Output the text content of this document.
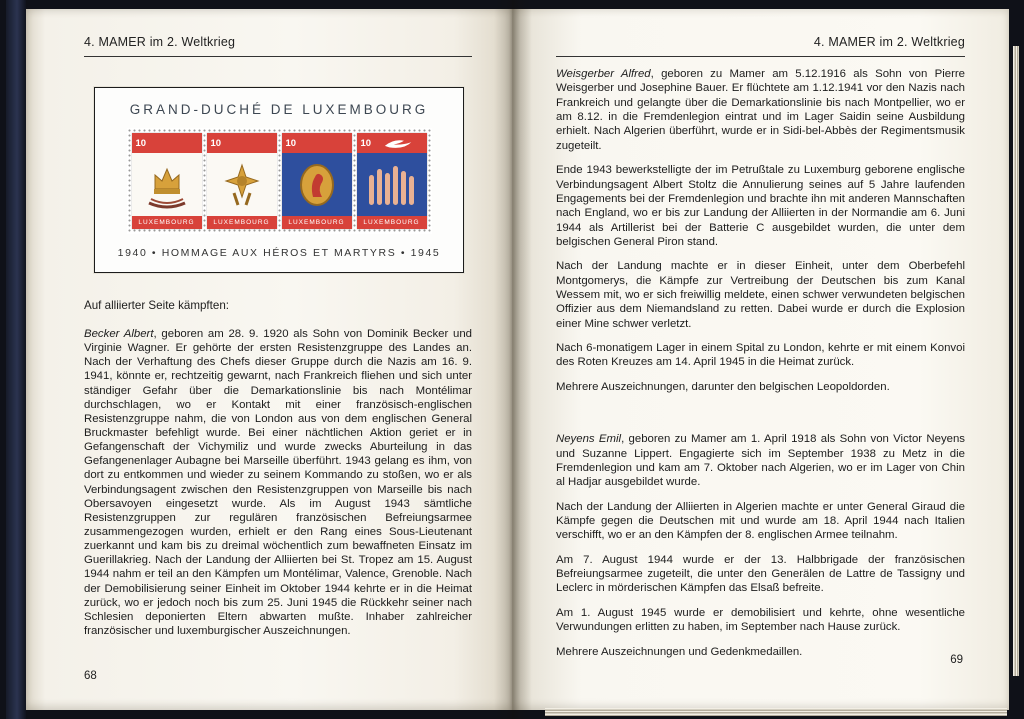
4. MAMER im 2. Weltkrieg
GRAND-DUCHÉ DE LUXEMBOURG
10
LUXEMBOURG
10
LUXEMBOURG
10
LUXEMBOURG
10
LUXEMBOURG
1940 • HOMMAGE AUX HÉROS ET MARTYRS • 1945

Auf alliierter Seite kämpften:

Becker Albert, geboren am 28. 9. 1920 als Sohn von Dominik Becker und Virginie Wagner. Er gehörte der ersten Resistenzgruppe des Landes an. Nach der Verhaftung des Chefs dieser Gruppe durch die Nazis am 16. 9. 1941, könnte er, rechtzeitig gewarnt, nach Frankreich fliehen und sich unter ständiger Gefahr über die Demarkationslinie bis nach Montélimar durchschlagen, wo er Kontakt mit einer französisch-englischen Resistenzgruppe nahm, die von London aus von dem englischen General Bruckmaster befehligt wurde. Bei einer nächtlichen Aktion geriet er in Gefangenschaft der Vichymiliz und wurde zwecks Aburteilung in das Gefangenenlager Aubagne bei Marseille überführt. 1943 gelang es ihm, von dort zu entkommen und wieder zu seinem Kommando zu stoßen, wo er als Verbindungsagent zwischen den Resistenzgruppen von Marseille bis nach Obersavoyen eingesetzt wurde. Als im August 1943 sämtliche Resistenzgruppen zur regulären französischen Befreiungsarmee zusammengezogen wurden, erhielt er den Rang eines Sous-Lieutenant zuerkannt und kam bis zu dreimal wöchentlich zum bewaffneten Einsatz im Guerillakrieg. Nach der Landung der Alliierten bei St. Tropez am 15. August 1944 nahm er teil an den Kämpfen um Montélimar, Valence, Grenoble. Nach der Demobilisierung seiner Einheit im Oktober 1944 kehrte er in die Heimat zurück, wo er jedoch noch bis zum 25. Juni 1945 die Rückkehr seiner nach Schlesien deponierten Eltern abwarten mußte. Inhaber zahlreicher französischer und luxemburgischer Auszeichnungen.

68
4. MAMER im 2. Weltkrieg

Weisgerber Alfred, geboren zu Mamer am 5.12.1916 als Sohn von Pierre Weisgerber und Josephine Bauer. Er flüchtete am 1.12.1941 vor den Nazis nach Frankreich und gelangte über die Demarkationslinie bis nach Montpellier, wo er am 8.12. in die Fremdenlegion eintrat und im Lager Saidin seine Ausbildung erhielt. Nach Algerien überführt, wurde er in Sidi-bel-Abbès der Regimentsmusik zugeteilt.

Ende 1943 bewerkstelligte der im Petrußtale zu Luxemburg geborene englische Verbindungsagent Albert Stoltz die Annulierung seines auf 5 Jahre laufenden Engagements bei der Fremdenlegion und brachte ihn mit anderen Mannschaften nach England, wo er bis zur Landung der Alliierten in der Normandie am 6. Juni 1944 als Artillerist bei der Batterie C ausgebildet wurden, die unter dem belgischen General Piron stand.

Nach der Landung machte er in dieser Einheit, unter dem Oberbefehl Montgomerys, die Kämpfe zur Vertreibung der Deutschen bis zum Kanal Wessem mit, wo er sich freiwillig meldete, einen schwer verwundeten belgischen Offizier aus dem Niemandsland zu retten. Dabei wurde er durch die Explosion einer Mine schwer verletzt.

Nach 6-monatigem Lager in einem Spital zu London, kehrte er mit einem Konvoi des Roten Kreuzes am 14. April 1945 in die Heimat zurück.

Mehrere Auszeichnungen, darunter den belgischen Leopoldorden.

Neyens Emil, geboren zu Mamer am 1. April 1918 als Sohn von Victor Neyens und Suzanne Lippert. Engagierte sich im September 1938 zu Metz in die Fremdenlegion und kam am 7. Oktober nach Algerien, wo er im Lager von Chin al Hadjar ausgebildet wurde.

Nach der Landung der Alliierten in Algerien machte er unter General Giraud die Kämpfe gegen die Deutschen mit und wurde am 18. April 1944 nach Italien verschifft, wo er an den Kämpfen der 8. englischen Armee teilnahm.

Am 7. August 1944 wurde er der 13. Halbbrigade der französischen Befreiungsarmee zugeteilt, die unter den Generälen de Lattre de Tassigny und Leclerc in mörderischen Kämpfen das Elsaß befreite.

Am 1. August 1945 wurde er demobilisiert und kehrte, ohne wesentliche Verwundungen erlitten zu haben, im September nach Hause zurück.

Mehrere Auszeichnungen und Gedenkmedaillen.

69
